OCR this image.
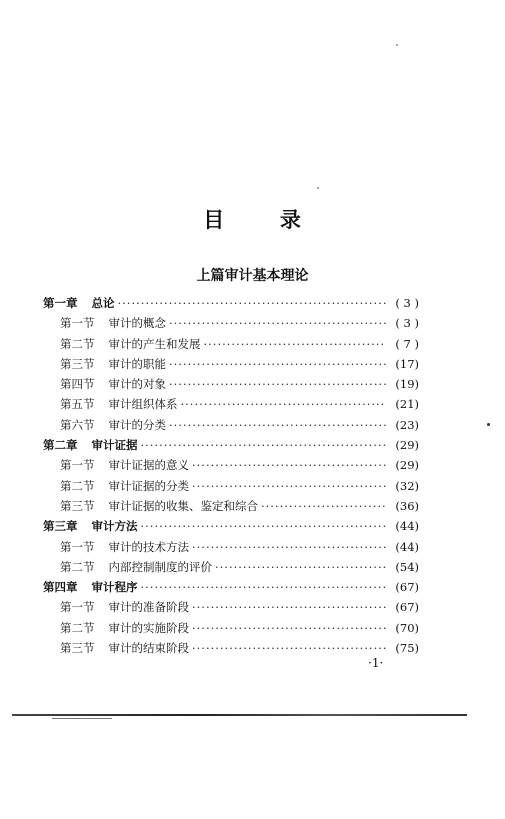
目	录
上篇审计基本理论
第一章 总论 ·····	( 3 )
第一节 审计的概念 ·····	( 3 )
第二节 审计的产生和发展 ·····	( 7 )
第三节 审计的职能 ·····	(17)
第四节 审计的对象 ·····	(19)
第五节 审计组织体系 ·····	(21)
第六节 审计的分类 ·····	(23)
第二章 审计证据 ·····	(29)
第一节 审计证据的意义 ·····	(29)
第二节 审计证据的分类 ·····	(32)
第三节 审计证据的收集、鉴定和综合 ·····	(36)
第三章 审计方法 ·····	(44)
第一节 审计的技术方法 ·····	(44)
第二节 内部控制制度的评价 ·····	(54)
第四章 审计程序 ·····	(67)
第一节 审计的准备阶段 ·····	(67)
第二节 审计的实施阶段 ·····	(70)
第三节 审计的结束阶段 ·····	(75)
·1·
